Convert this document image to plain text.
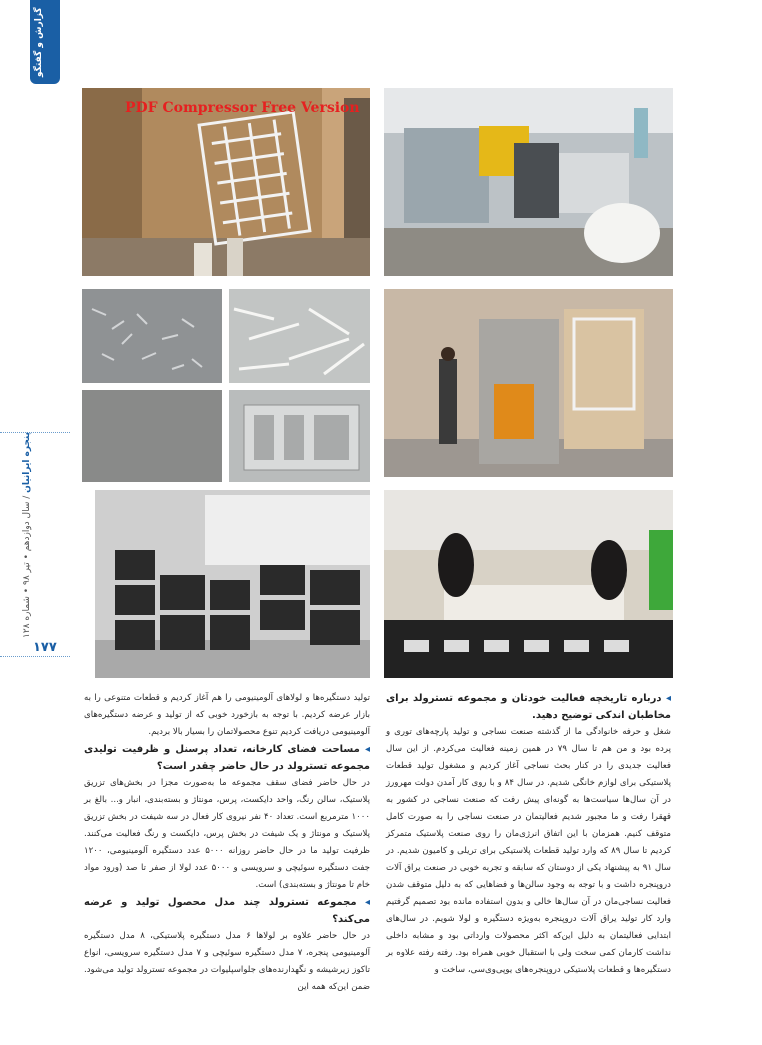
گزارش و گفتگو
پنجره ایرانیان / سال دوازدهم • تیر ۹۸ • شماره ۱۲۸
۱۷۷
PDF Compressor Free Version
◂ درباره تاریخچه فعالیت خودتان و مجموعه تسترولد برای مخاطبان اندکی توضیح دهید.

شغل و حرفه خانوادگی ما از گذشته صنعت نساجی و تولید پارچه‌های توری و پرده بود و من هم تا سال ۷۹ در همین زمینه فعالیت می‌کردم. از این سال فعالیت جدیدی را در کنار بحث نساجی آغاز کردیم و مشغول تولید قطعات پلاستیکی برای لوازم خانگی شدیم. در سال ۸۴ و با روی کار آمدن دولت مهرورز در آن سال‌ها سیاست‌ها به گونه‌ای پیش رفت که صنعت نساجی در کشور به قهقرا رفت و ما مجبور شدیم فعالیتمان در صنعت نساجی را به صورت کامل متوقف کنیم. همزمان با این اتفاق انرژی‌مان را روی صنعت پلاستیک متمرکز کردیم تا سال ۸۹ که وارد تولید قطعات پلاستیکی برای تریلی و کامیون شدیم. در سال ۹۱ به پیشنهاد یکی از دوستان که سابقه و تجربه خوبی در صنعت یراق آلات درو‌پنجره داشت و با توجه به وجود سالن‌ها و فضاهایی که به دلیل متوقف شدن فعالیت نساجی‌مان در آن سال‌ها خالی و بدون استفاده مانده بود تصمیم گرفتیم وارد کار تولید یراق آلات درو‌پنجره به‌ویژه دستگیره و لولا شویم. در سال‌های ابتدایی فعالیتمان به دلیل این‌که اکثر محصولات وارداتی بود و مشابه داخلی نداشت کارمان کمی سخت ولی با استقبال خوبی همراه بود. رفته رفته علاوه بر دستگیره‌ها و قطعات پلاستیکی درو‌پنجره‌های یوپی‌وی‌سی، ساخت و

تولید دستگیره‌ها و لولاهای آلومینیومی را هم آغاز کردیم و قطعات متنوعی را به بازار عرضه کردیم. با توجه به بازخورد خوبی که از تولید و عرضه دستگیره‌های آلومینیومی دریافت کردیم تنوع محصولاتمان را بسیار بالا بردیم.

◂ مساحت فضای کارخانه، تعداد پرسنل و ظرفیت تولیدی مجموعه تسترولد در حال حاضر چقدر است؟

در حال حاضر فضای سقف مجموعه ما به‌صورت مجزا در بخش‌های تزریق پلاستیک، سالن رنگ، واحد دایکست، پرس، مونتاژ و بسته‌بندی، انبار و... بالغ بر ۱۰۰۰ مترمربع است. تعداد ۴۰ نفر نیروی کار فعال در سه شیفت در بخش تزریق پلاستیک و مونتاژ و یک شیفت در بخش پرس، دایکست و رنگ فعالیت می‌کنند. ظرفیت تولید ما در حال حاضر روزانه ۵۰۰۰ عدد دستگیره آلومینیومی، ۱۲۰۰ جفت دستگیره سوئیچی و سرویسی و ۵۰۰۰ عدد لولا از صفر تا صد (ورود مواد خام تا مونتاژ و بسته‌بندی) است.

◂ مجموعه تسترولد چند مدل محصول تولید و عرضه می‌کند؟

در حال حاضر علاوه بر لولاها ۶ مدل دستگیره پلاستیکی، ۸ مدل دستگیره آلومینیومی پنجره، ۷ مدل دستگیره سوئیچی و ۷ مدل دستگیره سرویسی، انواع تاکوز زیرشیشه و نگهدارنده‌های جلواسپلیوات در مجموعه تسترولد تولید می‌شود. ضمن این‌که همه این
